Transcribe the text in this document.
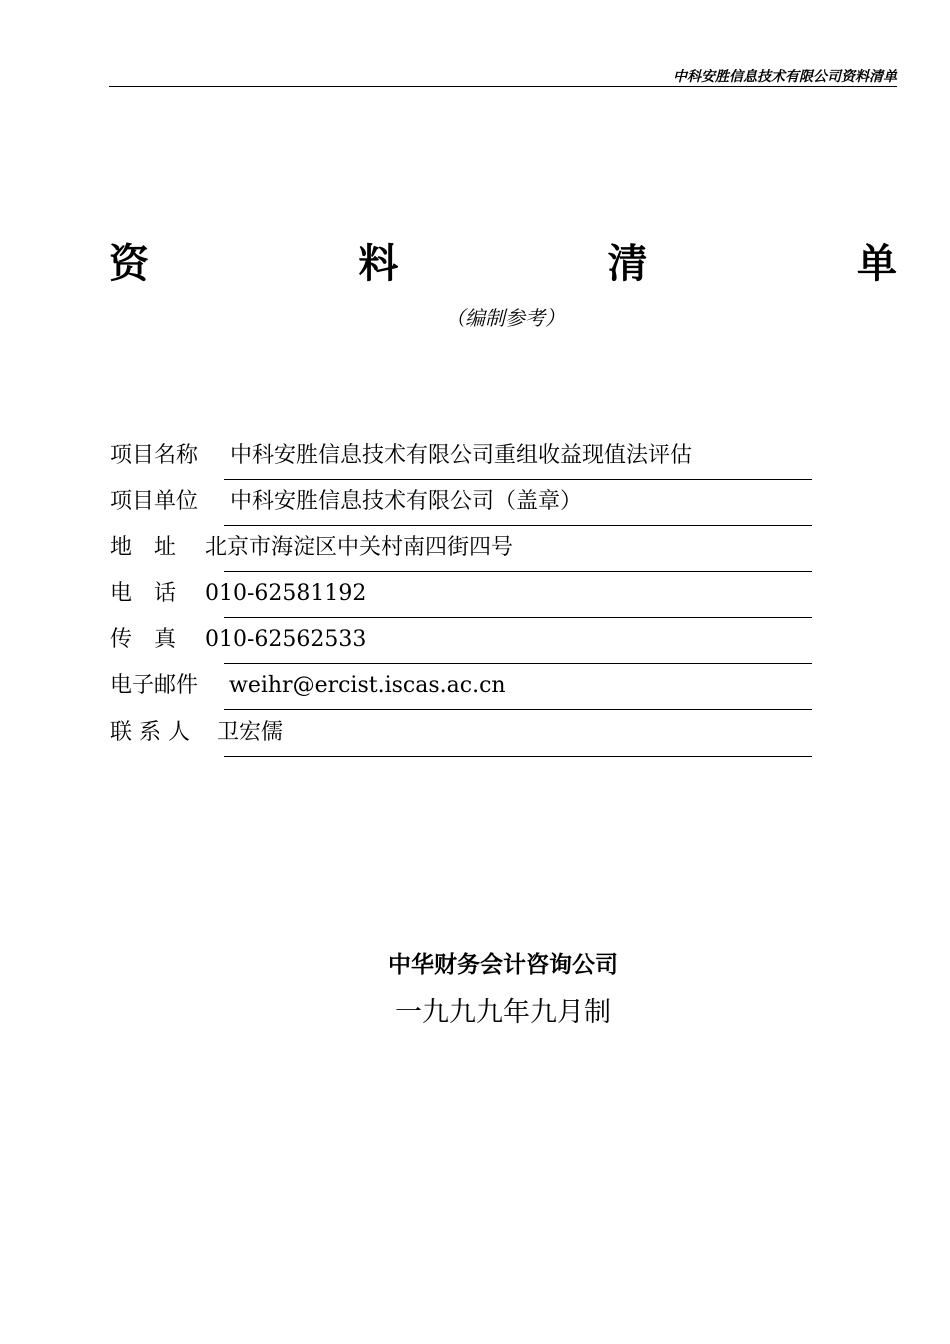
中科安胜信息技术有限公司资料清单
资	料	清	单
（编制参考）
项目名称 中科安胜信息技术有限公司重组收益现值法评估
项目单位 中科安胜信息技术有限公司（盖章）
地　址 北京市海淀区中关村南四街四号
电　话 010-62581192
传　真 010-62562533
电子邮件 weihr@ercist.iscas.ac.cn
联 系 人 卫宏儒
中华财务会计咨询公司
一九九九年九月制
